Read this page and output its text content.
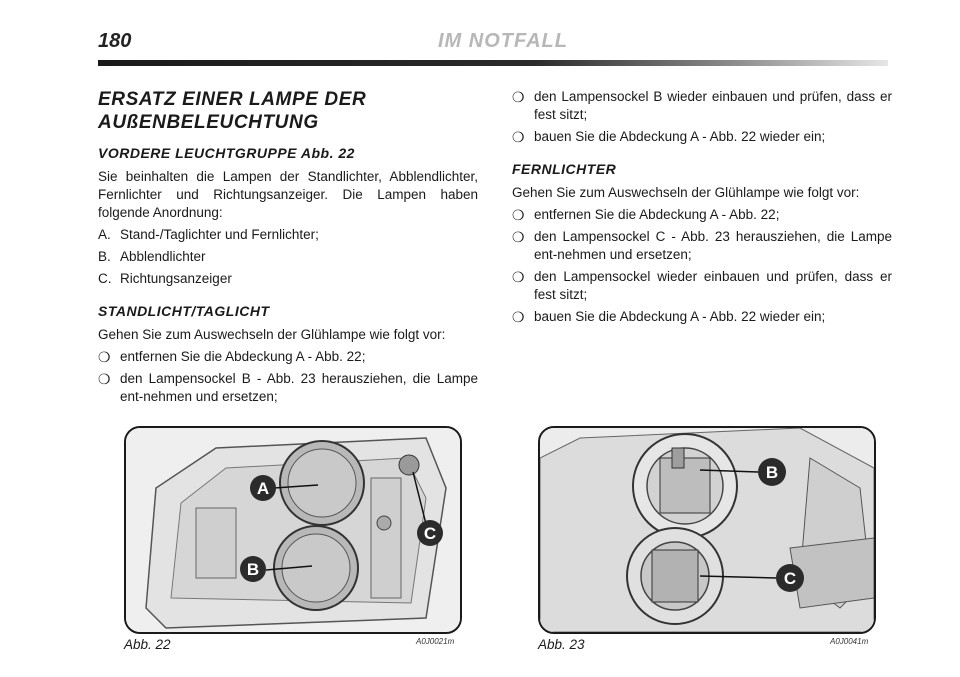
180	IM NOTFALL
ERSATZ EINER LAMPE DER AUßENBELEUCHTUNG
VORDERE LEUCHTGRUPPE Abb. 22
Sie beinhalten die Lampen der Standlichter, Abblendlichter, Fernlichter und Richtungsanzeiger. Die Lampen haben folgende Anordnung:
A. Stand-/Taglichter und Fernlichter;
B. Abblendlichter
C. Richtungsanzeiger
STANDLICHT/TAGLICHT
Gehen Sie zum Auswechseln der Glühlampe wie folgt vor:
❍ entfernen Sie die Abdeckung A - Abb. 22;
❍ den Lampensockel B - Abb. 23 herausziehen, die Lampe ent-nehmen und ersetzen;
❍ den Lampensockel B wieder einbauen und prüfen, dass er fest sitzt;
❍ bauen Sie die Abdeckung A - Abb. 22 wieder ein;
FERNLICHTER
Gehen Sie zum Auswechseln der Glühlampe wie folgt vor:
❍ entfernen Sie die Abdeckung A - Abb. 22;
❍ den Lampensockel C - Abb. 23 herausziehen, die Lampe ent-nehmen und ersetzen;
❍ den Lampensockel wieder einbauen und prüfen, dass er fest sitzt;
❍ bauen Sie die Abdeckung A - Abb. 22 wieder ein;
A
B
C
Abb. 22	A0J0021m
B
C
Abb. 23	A0J0041m
